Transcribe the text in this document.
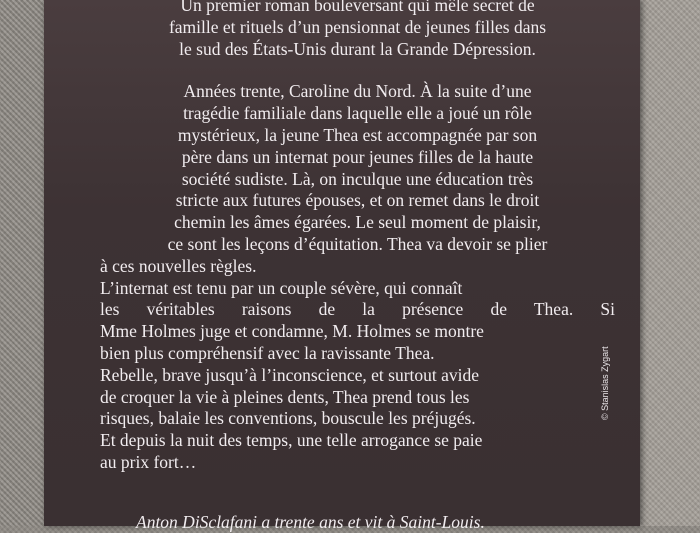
Un premier roman bouleversant qui mêle secret de

famille et rituels d’un pensionnat de jeunes filles dans

le sud des États-Unis durant la Grande Dépression.

Années trente, Caroline du Nord. À la suite d’une

tragédie familiale dans laquelle elle a joué un rôle

mystérieux, la jeune Thea est accompagnée par son

père dans un internat pour jeunes filles de la haute

société sudiste. Là, on inculque une éducation très

stricte aux futures épouses, et on remet dans le droit

chemin les âmes égarées. Le seul moment de plaisir,

ce sont les leçons d’équitation. Thea va devoir se plier

à ces nouvelles règles.

L’internat est tenu par un couple sévère, qui connaît

les véritables raisons de la présence de Thea. Si

Mme Holmes juge et condamne, M. Holmes se montre

bien plus compréhensif avec la ravissante Thea.

Rebelle, brave jusqu’à l’inconscience, et surtout avide

de croquer la vie à pleines dents, Thea prend tous les

risques, balaie les conventions, bouscule les préjugés.

Et depuis la nuit des temps, une telle arrogance se paie

au prix fort…

Anton DiSclafani a trente ans et vit à Saint-Louis.
© Stanislas Zygart
